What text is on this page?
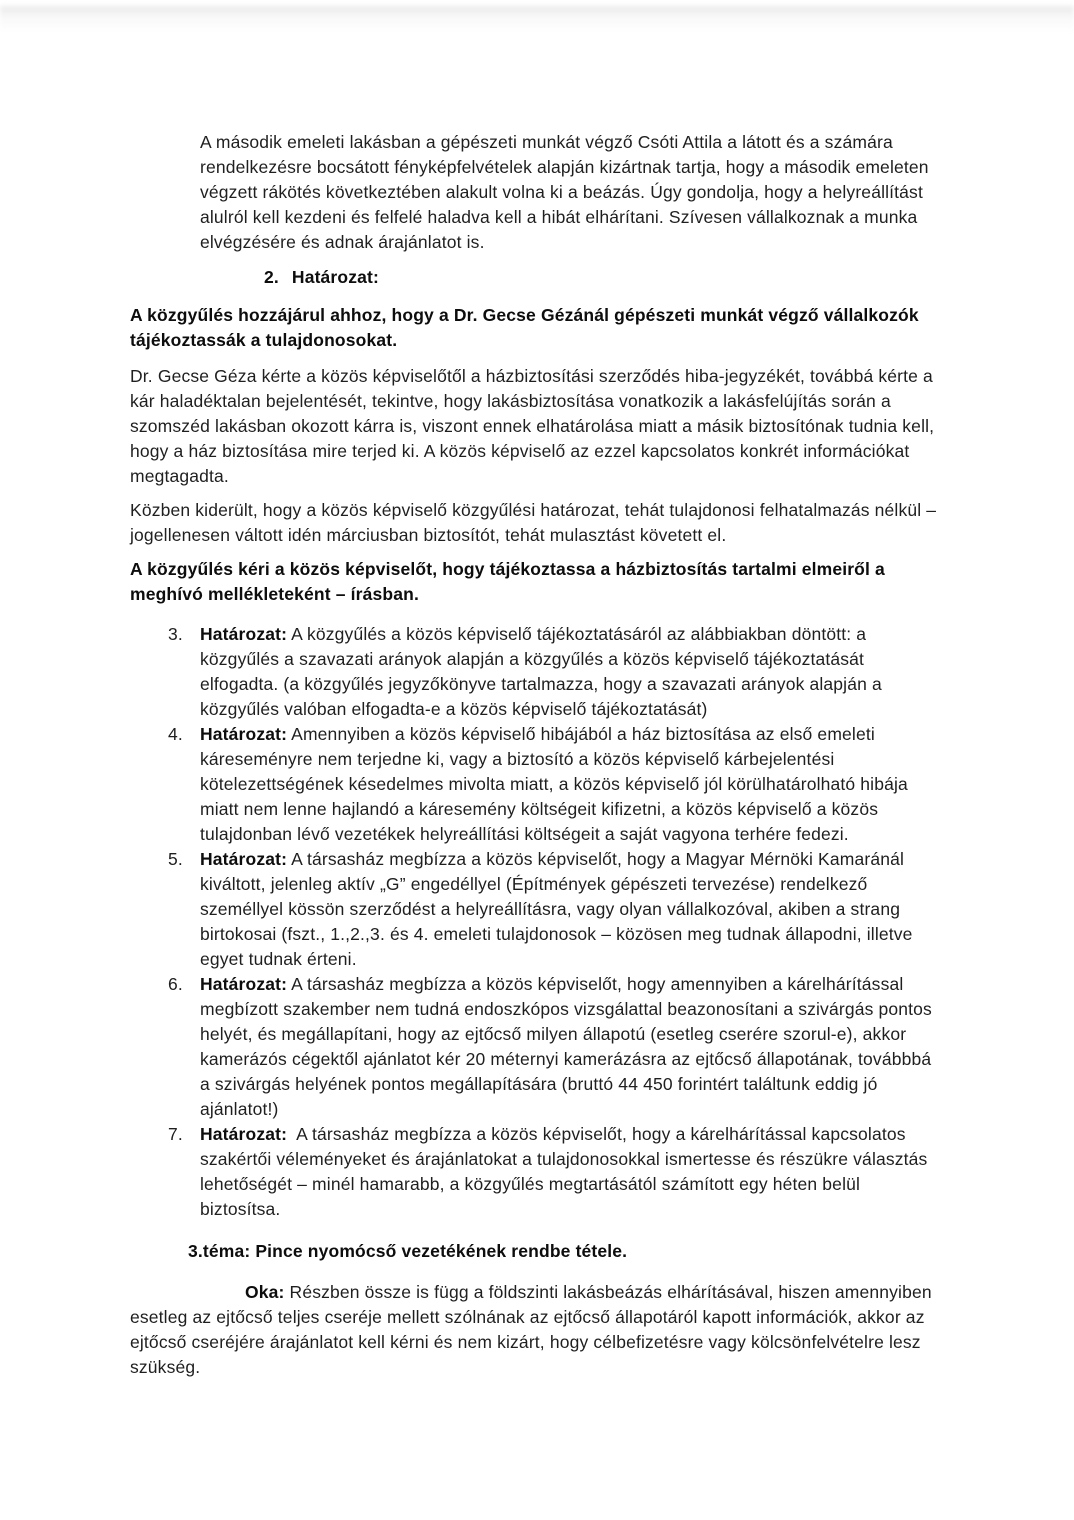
A második emeleti lakásban a gépészeti munkát végző Csóti Attila a látott és a számára rendelkezésre bocsátott fényképfelvételek alapján kizártnak tartja, hogy a második emeleten végzett rákötés következtében alakult volna ki a beázás. Úgy gondolja, hogy a helyreállítást alulról kell kezdeni és felfelé haladva kell a hibát elhárítani. Szívesen vállalkoznak a munka elvégzésére és adnak árajánlatot is.

2. Határozat:

A közgyűlés hozzájárul ahhoz, hogy a Dr. Gecse Gézánál gépészeti munkát végző vállalkozók tájékoztassák a tulajdonosokat.

Dr. Gecse Géza kérte a közös képviselőtől a házbiztosítási szerződés hiba-jegyzékét, továbbá kérte a kár haladéktalan bejelentését, tekintve, hogy lakásbiztosítása vonatkozik a lakásfelújítás során a szomszéd lakásban okozott kárra is, viszont ennek elhatárolása miatt a másik biztosítónak tudnia kell, hogy a ház biztosítása mire terjed ki. A közös képviselő az ezzel kapcsolatos konkrét információkat megtagadta.

Közben kiderült, hogy a közös képviselő közgyűlési határozat, tehát tulajdonosi felhatalmazás nélkül – jogellenesen váltott idén márciusban biztosítót, tehát mulasztást követett el.

A közgyűlés kéri a közös képviselőt, hogy tájékoztassa a házbiztosítás tartalmi elmeiről a meghívó mellékleteként – írásban.

3. Határozat: A közgyűlés a közös képviselő tájékoztatásáról az alábbiakban döntött: a közgyűlés a szavazati arányok alapján a közgyűlés a közös képviselő tájékoztatását elfogadta. (a közgyűlés jegyzőkönyve tartalmazza, hogy a szavazati arányok alapján a közgyűlés valóban elfogadta-e a közös képviselő tájékoztatását)
4. Határozat: Amennyiben a közös képviselő hibájából a ház biztosítása az első emeleti káreseményre nem terjedne ki, vagy a biztosító a közös képviselő kárbejelentési kötelezettségének késedelmes mivolta miatt, a közös képviselő jól körülhatárolható hibája miatt nem lenne hajlandó a káresemény költségeit kifizetni, a közös képviselő a közös tulajdonban lévő vezetékek helyreállítási költségeit a saját vagyona terhére fedezi.
5. Határozat: A társasház megbízza a közös képviselőt, hogy a Magyar Mérnöki Kamaránál kiváltott, jelenleg aktív „G” engedéllyel (Építmények gépészeti tervezése) rendelkező személlyel kössön szerződést a helyreállításra, vagy olyan vállalkozóval, akiben a strang birtokosai (fszt., 1.,2.,3. és 4. emeleti tulajdonosok – közösen meg tudnak állapodni, illetve egyet tudnak érteni.
6. Határozat: A társasház megbízza a közös képviselőt, hogy amennyiben a kárelhárítással megbízott szakember nem tudná endoszkópos vizsgálattal beazonosítani a szivárgás pontos helyét, és megállapítani, hogy az ejtőcső milyen állapotú (esetleg cserére szorul-e), akkor kamerázós cégektől ajánlatot kér 20 méternyi kamerázásra az ejtőcső állapotának, továbbbá a szivárgás helyének pontos megállapítására (bruttó 44 450 forintért találtunk eddig jó ajánlatot!)
7. Határozat: A társasház megbízza a közös képviselőt, hogy a kárelhárítással kapcsolatos szakértői véleményeket és árajánlatokat a tulajdonosokkal ismertesse és részükre választás lehetőségét – minél hamarabb, a közgyűlés megtartásától számított egy héten belül biztosítsa.

3.téma: Pince nyomócső vezetékének rendbe tétele.

Oka: Részben össze is függ a földszinti lakásbeázás elhárításával, hiszen amennyiben esetleg az ejtőcső teljes cseréje mellett szólnának az ejtőcső állapotáról kapott információk, akkor az ejtőcső cseréjére árajánlatot kell kérni és nem kizárt, hogy célbefizetésre vagy kölcsönfelvételre lesz szükség.
